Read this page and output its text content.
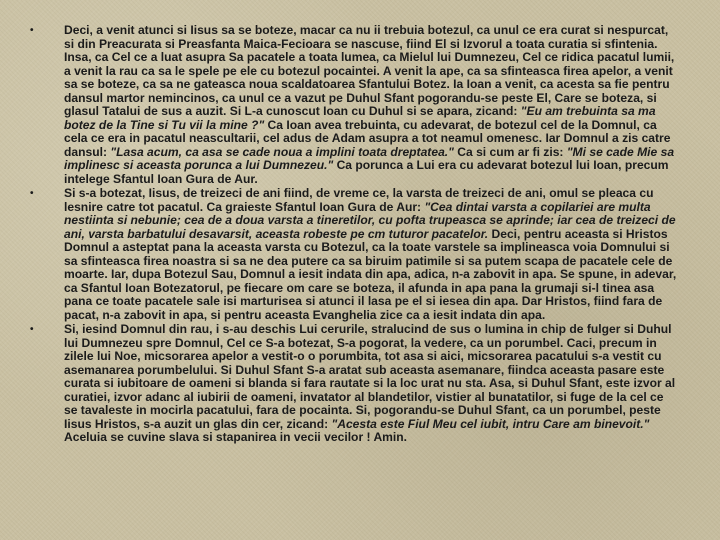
•	Deci, a venit atunci si Iisus sa se boteze, macar ca nu ii trebuia botezul, ca unul ce era curat si nespurcat, si din Preacurata si Preasfanta Maica-Fecioara se nascuse, fiind El si Izvorul a toata curatia si sfintenia. Insa, ca Cel ce a luat asupra Sa pacatele a toata lumea, ca Mielul lui Dumnezeu, Cel ce ridica pacatul lumii, a venit la rau ca sa le spele pe ele cu botezul pocaintei. A venit la ape, ca sa sfinteasca firea apelor, a venit sa se boteze, ca sa ne gateasca noua scaldatoarea Sfantului Botez. Ia Ioan a venit, ca acesta sa fie pentru dansul martor nemincinos, ca unul ce a vazut pe Duhul Sfant pogorandu-se peste El, Care se boteza, si glasul Tatalui de sus a auzit. Si L-a cunoscut Ioan cu Duhul si se apara, zicand: "Eu am trebuinta sa ma botez de la Tine si Tu vii la mine ?" Ca Ioan avea trebuinta, cu adevarat, de botezul cel de la Domnul, ca cela ce era in pacatul neascultarii, cel adus de Adam asupra a tot neamul omenesc. Iar Domnul a zis catre dansul: "Lasa acum, ca asa se cade noua a implini toata dreptatea." Ca si cum ar fi zis: "Mi se cade Mie sa implinesc si aceasta porunca a lui Dumnezeu." Ca porunca a Lui era cu adevarat botezul lui Ioan, precum intelege Sfantul Ioan Gura de Aur.
•	Si s-a botezat, Iisus, de treizeci de ani fiind, de vreme ce, la varsta de treizeci de ani, omul se pleaca cu lesnire catre tot pacatul. Ca graieste Sfantul Ioan Gura de Aur: "Cea dintai varsta a copilariei are multa nestiinta si nebunie; cea de a doua varsta a tineretilor, cu pofta trupeasca se aprinde; iar cea de treizeci de ani, varsta barbatului desavarsit, aceasta robeste pe cm tuturor pacatelor. Deci, pentru aceasta si Hristos Domnul a asteptat pana la aceasta varsta cu Botezul, ca la toate varstele sa implineasca voia Domnului si sa sfinteasca firea noastra si sa ne dea putere ca sa biruim patimile si sa putem scapa de pacatele cele de moarte. Iar, dupa Botezul Sau, Domnul a iesit indata din apa, adica, n-a zabovit in apa. Se spune, in adevar, ca Sfantul Ioan Botezatorul, pe fiecare om care se boteza, il afunda in apa pana la grumaji si-l tinea asa pana ce toate pacatele sale isi marturisea si atunci il lasa pe el si iesea din apa. Dar Hristos, fiind fara de pacat, n-a zabovit in apa, si pentru aceasta Evanghelia zice ca a iesit indata din apa.
•	Si, iesind Domnul din rau, i s-au deschis Lui cerurile, stralucind de sus o lumina in chip de fulger si Duhul lui Dumnezeu spre Domnul, Cel ce S-a botezat, S-a pogorat, la vedere, ca un porumbel. Caci, precum in zilele lui Noe, micsorarea apelor a vestit-o o porumbita, tot asa si aici, micsorarea pacatului s-a vestit cu asemanarea porumbelului. Si Duhul Sfant S-a aratat sub aceasta asemanare, fiindca aceasta pasare este curata si iubitoare de oameni si blanda si fara rautate si la loc urat nu sta. Asa, si Duhul Sfant, este izvor al curatiei, izvor adanc al iubirii de oameni, invatator al blandetilor, vistier al bunatatilor, si fuge de la cel ce se tavaleste in mocirla pacatului, fara de pocainta. Si, pogorandu-se Duhul Sfant, ca un porumbel, peste Iisus Hristos, s-a auzit un glas din cer, zicand: "Acesta este Fiul Meu cel iubit, intru Care am binevoit." Aceluia se cuvine slava si stapanirea in vecii vecilor ! Amin.
